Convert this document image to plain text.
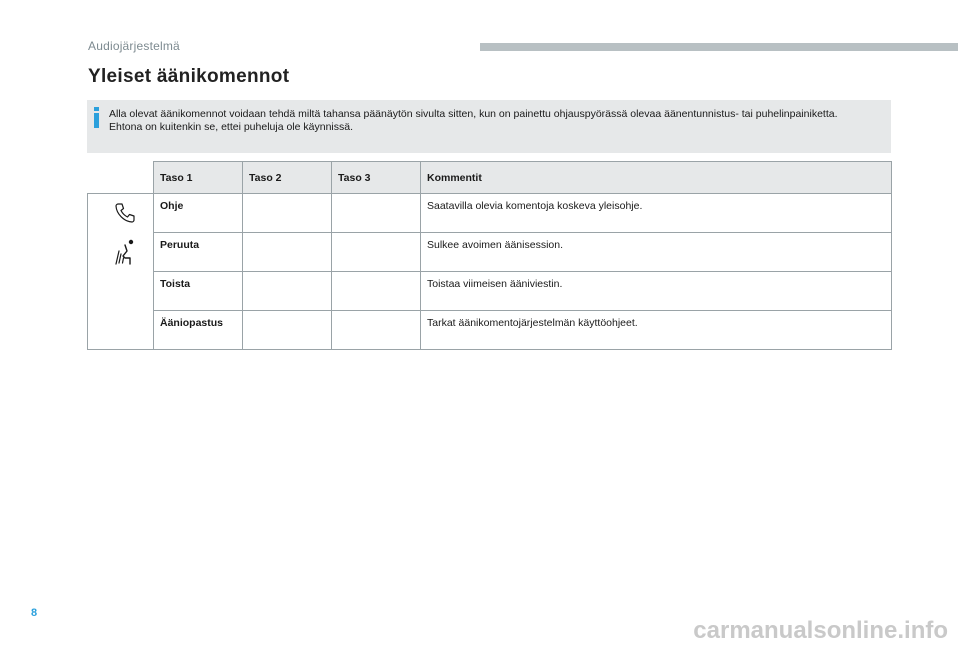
Audiojärjestelmä
Yleiset äänikomennot
Alla olevat äänikomennot voidaan tehdä miltä tahansa päänäytön sivulta sitten, kun on painettu ohjauspyörässä olevaa äänentunnistus- tai puhelinpainiketta.
Ehtona on kuitenkin se, ettei puheluja ole käynnissä.
	Taso 1	Taso 2	Taso 3	Kommentit

	Ohje			Saatavilla olevia komentoja koskeva yleisohje.
	Peruuta			Sulkee avoimen äänisession.
	Toista			Toistaa viimeisen ääniviestin.
	Ääniopastus			Tarkat äänikomentojärjestelmän käyttöohjeet.
8
carmanualsonline.info
